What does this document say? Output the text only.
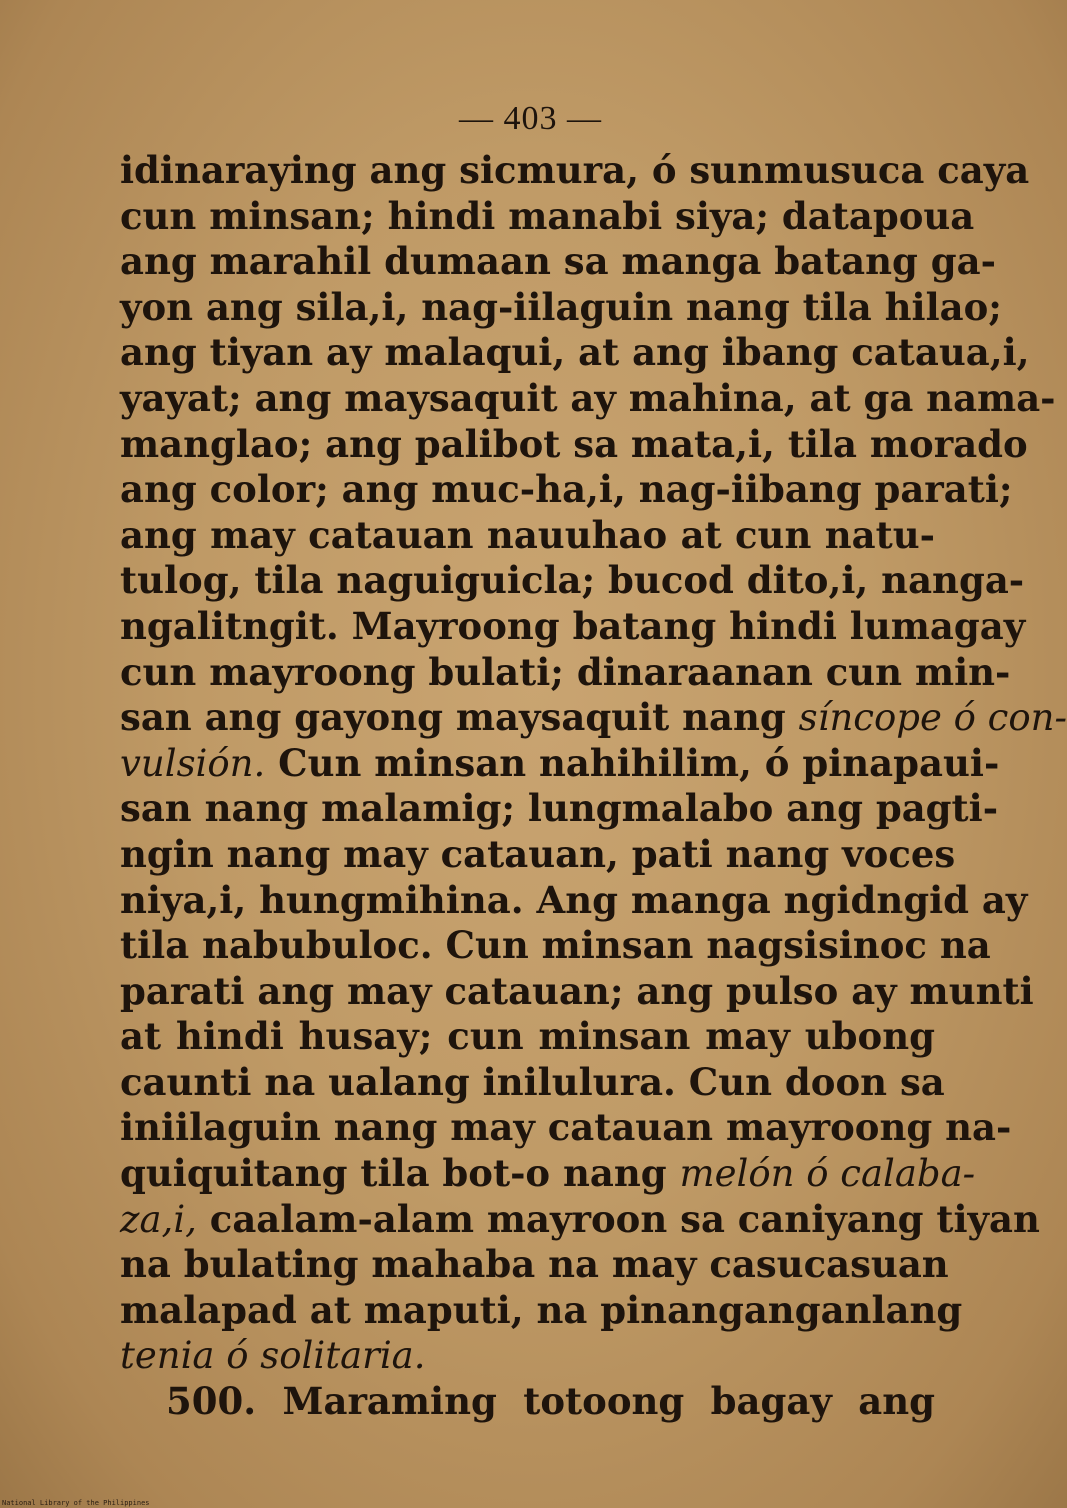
— 403 —
idinaraying ang sicmura, ó sunmusuca caya
cun minsan; hindi manabi siya; datapoua
ang marahil dumaan sa manga batang ga-
yon ang sila,i, nag-iilaguin nang tila hilao;
ang tiyan ay malaqui, at ang ibang cataua,i,
yayat; ang maysaquit ay mahina, at ga nama-
manglao; ang palibot sa mata,i, tila morado
ang color; ang muc-ha,i, nag-iibang parati;
ang may catauan nauuhao at cun natu-
tulog, tila naguiguicla; bucod dito,i, nanga-
ngalitngit. Mayroong batang hindi lumagay
cun mayroong bulati; dinaraanan cun min-
san ang gayong maysaquit nang síncope ó con-
vulsión. Cun minsan nahihilim, ó pinapaui-
san nang malamig; lungmalabo ang pagti-
ngin nang may catauan, pati nang voces
niya,i, hungmihina. Ang manga ngidngid ay
tila nabubuloc. Cun minsan nagsisinoc na
parati ang may catauan; ang pulso ay munti
at hindi husay; cun minsan may ubong
caunti na ualang inilulura. Cun doon sa
iniilaguin nang may catauan mayroong na-
quiquitang tila bot-o nang melón ó calaba-
za,i, caalam-alam mayroon sa caniyang tiyan
na bulating mahaba na may casucasuan
malapad at maputi, na pinanganganlang
tenia ó solitaria.
500. Maraming totoong bagay ang
National Library of the Philippines
